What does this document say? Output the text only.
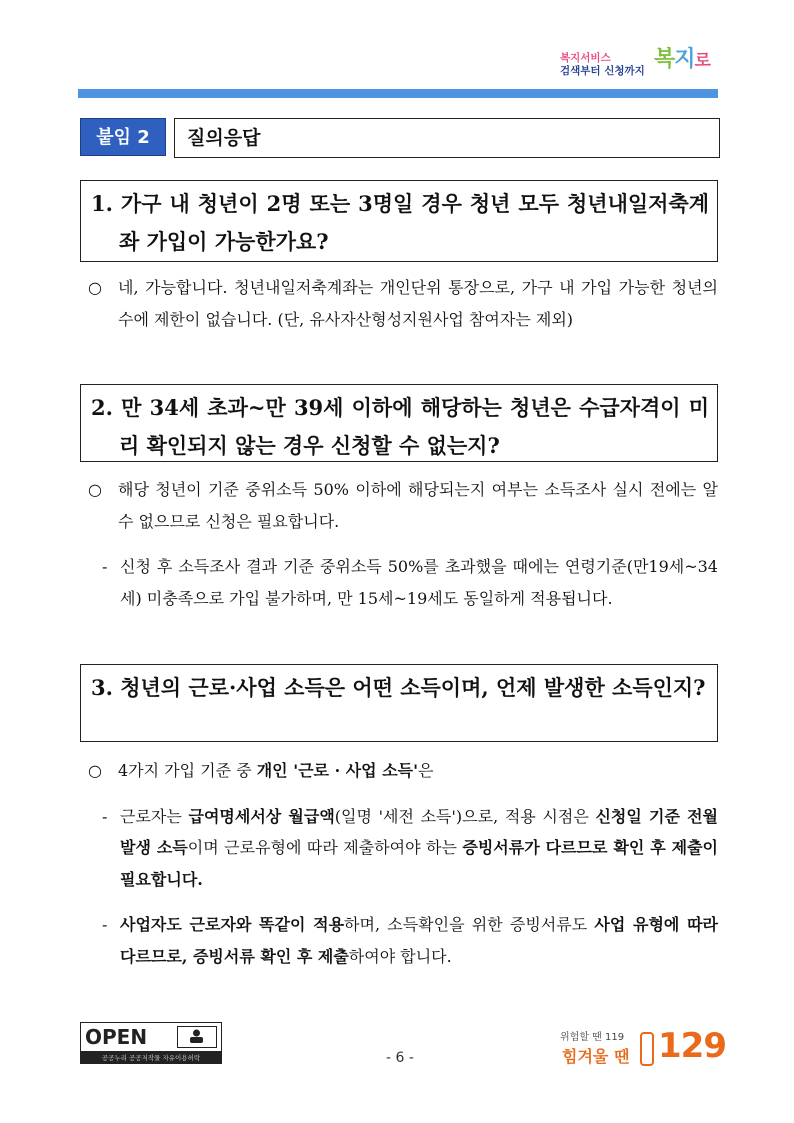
복지서비스
검색부터 신청까지 복지로
붙임 2	질의응답
1. 가구 내 청년이 2명 또는 3명일 경우 청년 모두 청년내일저축계좌 가입이 가능한가요?
○	네, 가능합니다. 청년내일저축계좌는 개인단위 통장으로, 가구 내 가입 가능한 청년의 수에 제한이 없습니다. (단, 유사자산형성지원사업 참여자는 제외)
2. 만 34세 초과~만 39세 이하에 해당하는 청년은 수급자격이 미리 확인되지 않는 경우 신청할 수 없는지?
○	해당 청년이 기준 중위소득 50% 이하에 해당되는지 여부는 소득조사 실시 전에는 알 수 없으므로 신청은 필요합니다.
- 신청 후 소득조사 결과 기준 중위소득 50%를 초과했을 때에는 연령기준(만19세~34세) 미충족으로 가입 불가하며, 만 15세~19세도 동일하게 적용됩니다.
3. 청년의 근로·사업 소득은 어떤 소득이며, 언제 발생한 소득인지?
○	4가지 가입 기준 중 개인 '근로 · 사업 소득'은
- 근로자는 급여명세서상 월급액(일명 '세전 소득')으로, 적용 시점은 신청일 기준 전월 발생 소득이며 근로유형에 따라 제출하여야 하는 증빙서류가 다르므로 확인 후 제출이 필요합니다.
- 사업자도 근로자와 똑같이 적용하며, 소득확인을 위한 증빙서류도 사업 유형에 따라 다르므로, 증빙서류 확인 후 제출하여야 합니다.
OPEN
공공누리 공공저작물 자유이용허락	- 6 -
위험할 땐 119
힘겨울 땐 129
